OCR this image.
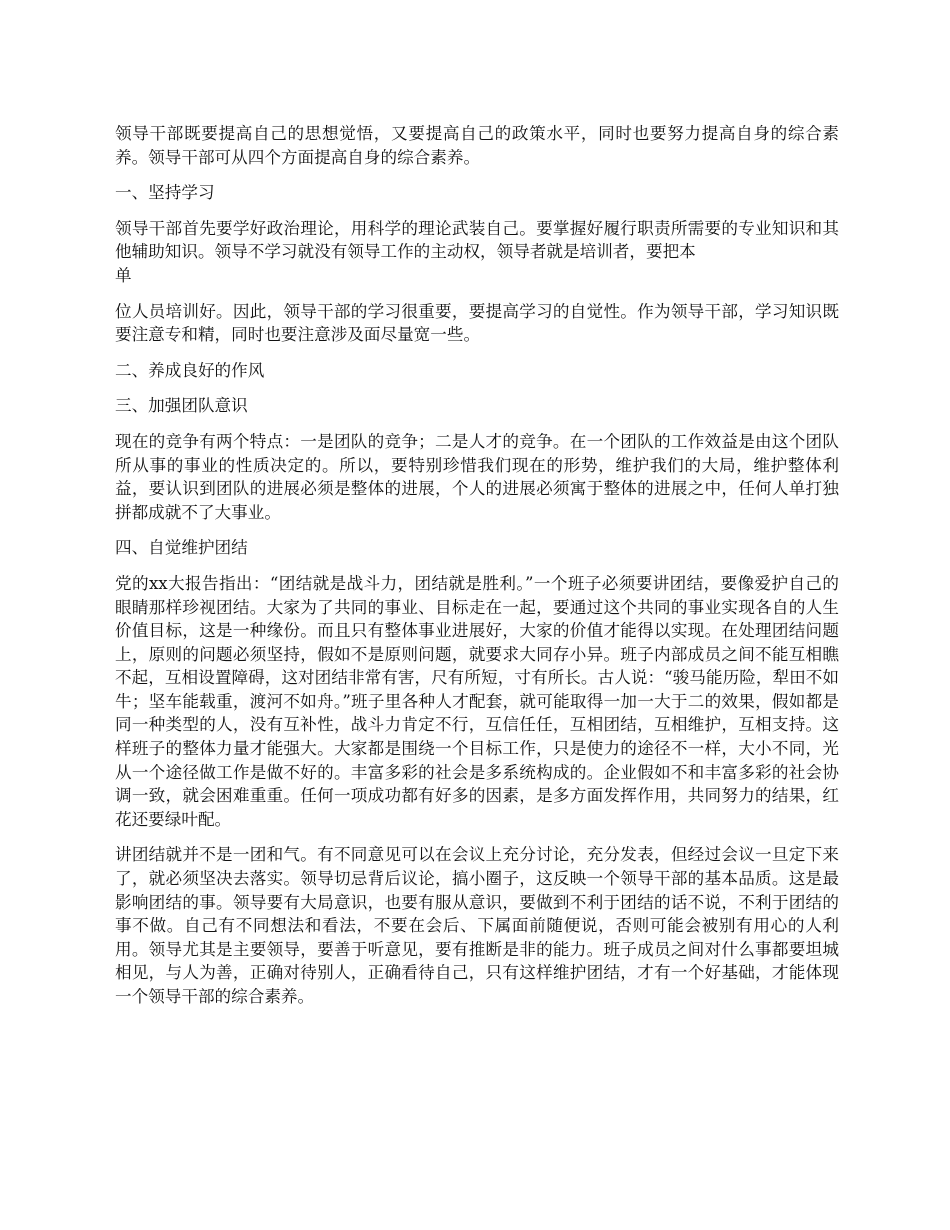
领导干部既要提高自己的思想觉悟，又要提高自己的政策水平，同时也要努力提高自身的综合素养。领导干部可从四个方面提高自身的综合素养。

一、坚持学习

领导干部首先要学好政治理论，用科学的理论武装自己。要掌握好履行职责所需要的专业知识和其他辅助知识。领导不学习就没有领导工作的主动权，领导者就是培训者，要把本
单

位人员培训好。因此，领导干部的学习很重要，要提高学习的自觉性。作为领导干部，学习知识既要注意专和精，同时也要注意涉及面尽量宽一些。

二、养成良好的作风

三、加强团队意识

现在的竞争有两个特点：一是团队的竞争；二是人才的竞争。在一个团队的工作效益是由这个团队所从事的事业的性质决定的。所以，要特别珍惜我们现在的形势，维护我们的大局，维护整体利益，要认识到团队的进展必须是整体的进展，个人的进展必须寓于整体的进展之中，任何人单打独拼都成就不了大事业。

四、自觉维护团结

党的xx大报告指出：“团结就是战斗力，团结就是胜利。”一个班子必须要讲团结，要像爱护自己的眼睛那样珍视团结。大家为了共同的事业、目标走在一起，要通过这个共同的事业实现各自的人生价值目标，这是一种缘份。而且只有整体事业进展好，大家的价值才能得以实现。在处理团结问题上，原则的问题必须坚持，假如不是原则问题，就要求大同存小异。班子内部成员之间不能互相瞧不起，互相设置障碍，这对团结非常有害，尺有所短，寸有所长。古人说：“骏马能历险，犁田不如牛；坚车能载重，渡河不如舟。”班子里各种人才配套，就可能取得一加一大于二的效果，假如都是同一种类型的人，没有互补性，战斗力肯定不行，互信任任，互相团结，互相维护，互相支持。这样班子的整体力量才能强大。大家都是围绕一个目标工作，只是使力的途径不一样，大小不同，光从一个途径做工作是做不好的。丰富多彩的社会是多系统构成的。企业假如不和丰富多彩的社会协调一致，就会困难重重。任何一项成功都有好多的因素，是多方面发挥作用，共同努力的结果，红花还要绿叶配。

讲团结就并不是一团和气。有不同意见可以在会议上充分讨论，充分发表，但经过会议一旦定下来了，就必须坚决去落实。领导切忌背后议论，搞小圈子，这反映一个领导干部的基本品质。这是最影响团结的事。领导要有大局意识，也要有服从意识，要做到不利于团结的话不说，不利于团结的事不做。自己有不同想法和看法，不要在会后、下属面前随便说，否则可能会被别有用心的人利用。领导尤其是主要领导，要善于听意见，要有推断是非的能力。班子成员之间对什么事都要坦城相见，与人为善，正确对待别人，正确看待自己，只有这样维护团结，才有一个好基础，才能体现一个领导干部的综合素养。
